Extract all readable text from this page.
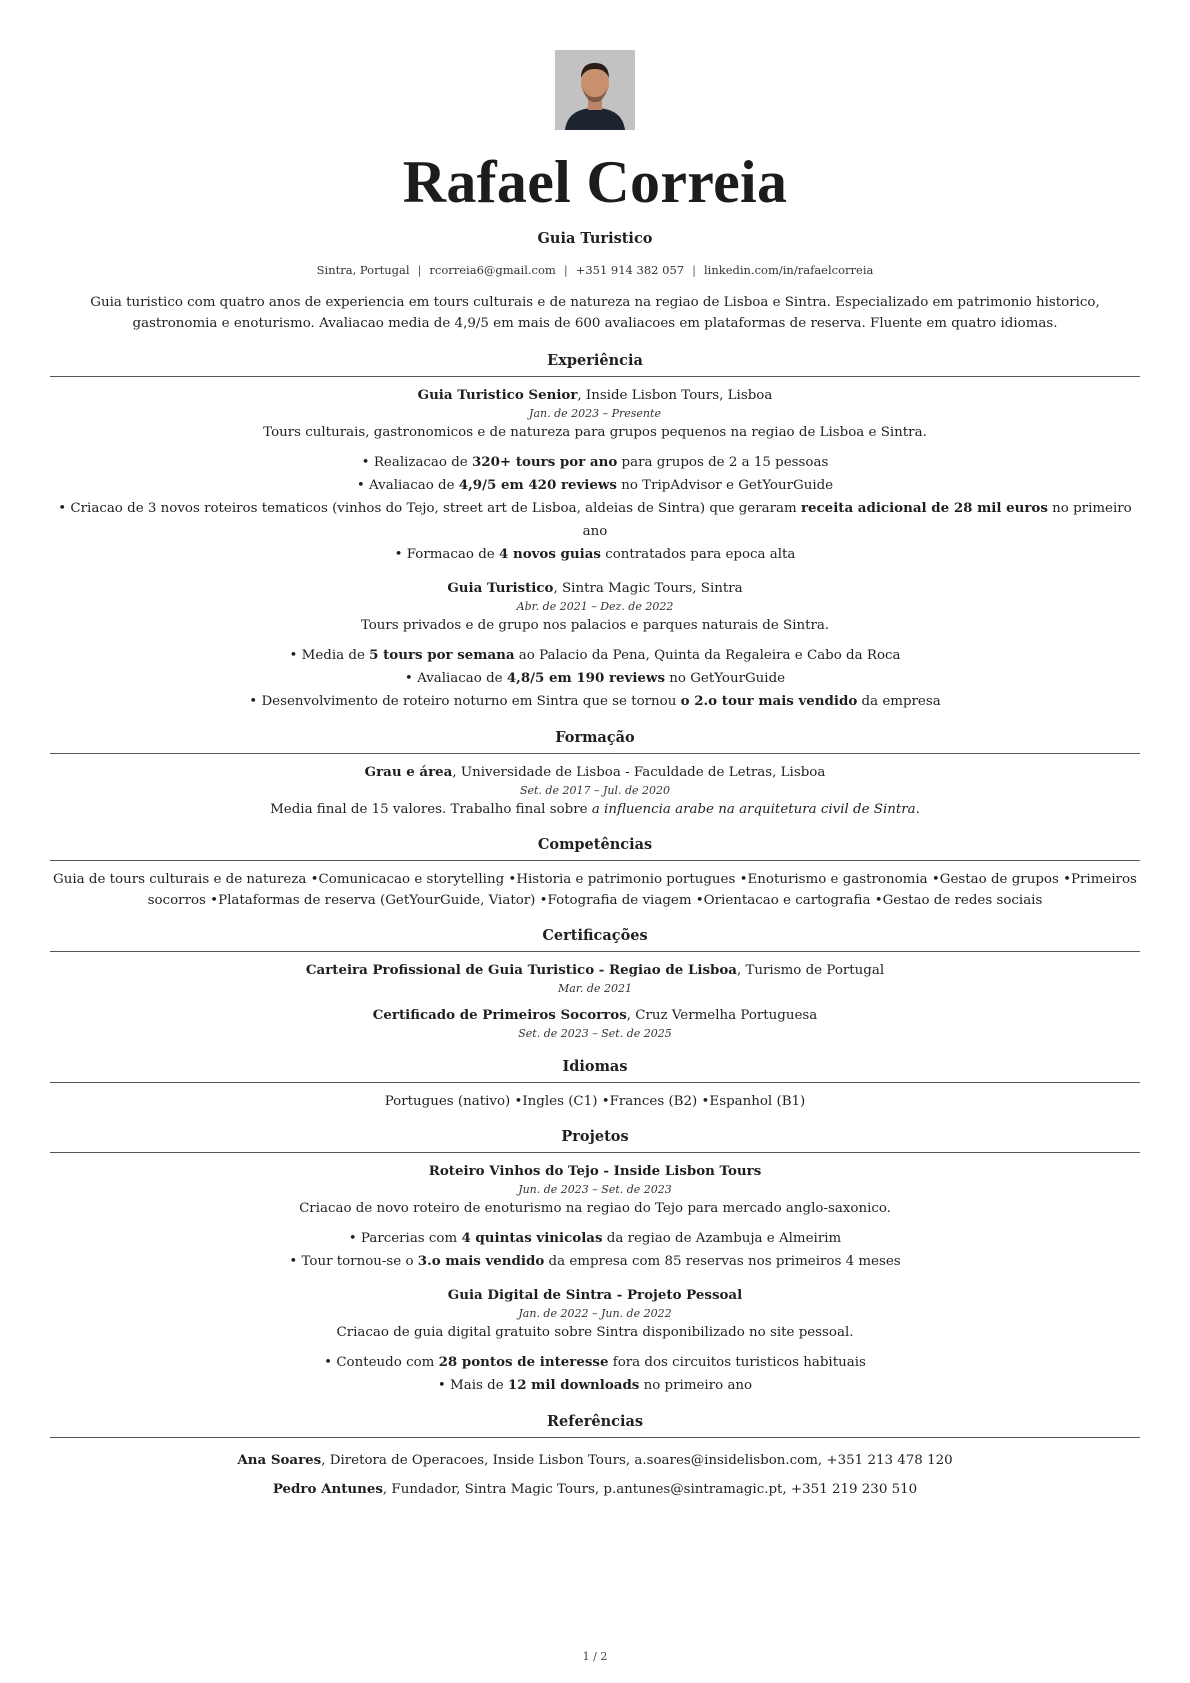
Rafael Correia
Guia Turistico
Sintra, Portugal | rcorreia6@gmail.com | +351 914 382 057 | linkedin.com/in/rafaelcorreia
Guia turistico com quatro anos de experiencia em tours culturais e de natureza na regiao de Lisboa e Sintra. Especializado em patrimonio historico, gastronomia e enoturismo. Avaliacao media de 4,9/5 em mais de 600 avaliacoes em plataformas de reserva. Fluente em quatro idiomas.
Experiência
Guia Turistico Senior, Inside Lisbon Tours, Lisboa
Jan. de 2023 – Presente
Tours culturais, gastronomicos e de natureza para grupos pequenos na regiao de Lisboa e Sintra.
• Realizacao de 320+ tours por ano para grupos de 2 a 15 pessoas
• Avaliacao de 4,9/5 em 420 reviews no TripAdvisor e GetYourGuide
• Criacao de 3 novos roteiros tematicos (vinhos do Tejo, street art de Lisboa, aldeias de Sintra) que geraram receita adicional de 28 mil euros no primeiro ano
• Formacao de 4 novos guias contratados para epoca alta
Guia Turistico, Sintra Magic Tours, Sintra
Abr. de 2021 – Dez. de 2022
Tours privados e de grupo nos palacios e parques naturais de Sintra.
• Media de 5 tours por semana ao Palacio da Pena, Quinta da Regaleira e Cabo da Roca
• Avaliacao de 4,8/5 em 190 reviews no GetYourGuide
• Desenvolvimento de roteiro noturno em Sintra que se tornou o 2.o tour mais vendido da empresa
Formação
Grau e área, Universidade de Lisboa - Faculdade de Letras, Lisboa
Set. de 2017 – Jul. de 2020
Media final de 15 valores. Trabalho final sobre a influencia arabe na arquitetura civil de Sintra.
Competências
Guia de tours culturais e de natureza • Comunicacao e storytelling • Historia e patrimonio portugues • Enoturismo e gastronomia • Gestao de grupos • Primeiros socorros • Plataformas de reserva (GetYourGuide, Viator) • Fotografia de viagem • Orientacao e cartografia • Gestao de redes sociais
Certificações
Carteira Profissional de Guia Turistico - Regiao de Lisboa, Turismo de Portugal
Mar. de 2021
Certificado de Primeiros Socorros, Cruz Vermelha Portuguesa
Set. de 2023 – Set. de 2025
Idiomas
Portugues (nativo) • Ingles (C1) • Frances (B2) • Espanhol (B1)
Projetos
Roteiro Vinhos do Tejo - Inside Lisbon Tours
Jun. de 2023 – Set. de 2023
Criacao de novo roteiro de enoturismo na regiao do Tejo para mercado anglo-saxonico.
• Parcerias com 4 quintas vinicolas da regiao de Azambuja e Almeirim
• Tour tornou-se o 3.o mais vendido da empresa com 85 reservas nos primeiros 4 meses
Guia Digital de Sintra - Projeto Pessoal
Jan. de 2022 – Jun. de 2022
Criacao de guia digital gratuito sobre Sintra disponibilizado no site pessoal.
• Conteudo com 28 pontos de interesse fora dos circuitos turisticos habituais
• Mais de 12 mil downloads no primeiro ano
Referências
Ana Soares, Diretora de Operacoes, Inside Lisbon Tours, a.soares@insidelisbon.com, +351 213 478 120
Pedro Antunes, Fundador, Sintra Magic Tours, p.antunes@sintramagic.pt, +351 219 230 510
1 / 2
